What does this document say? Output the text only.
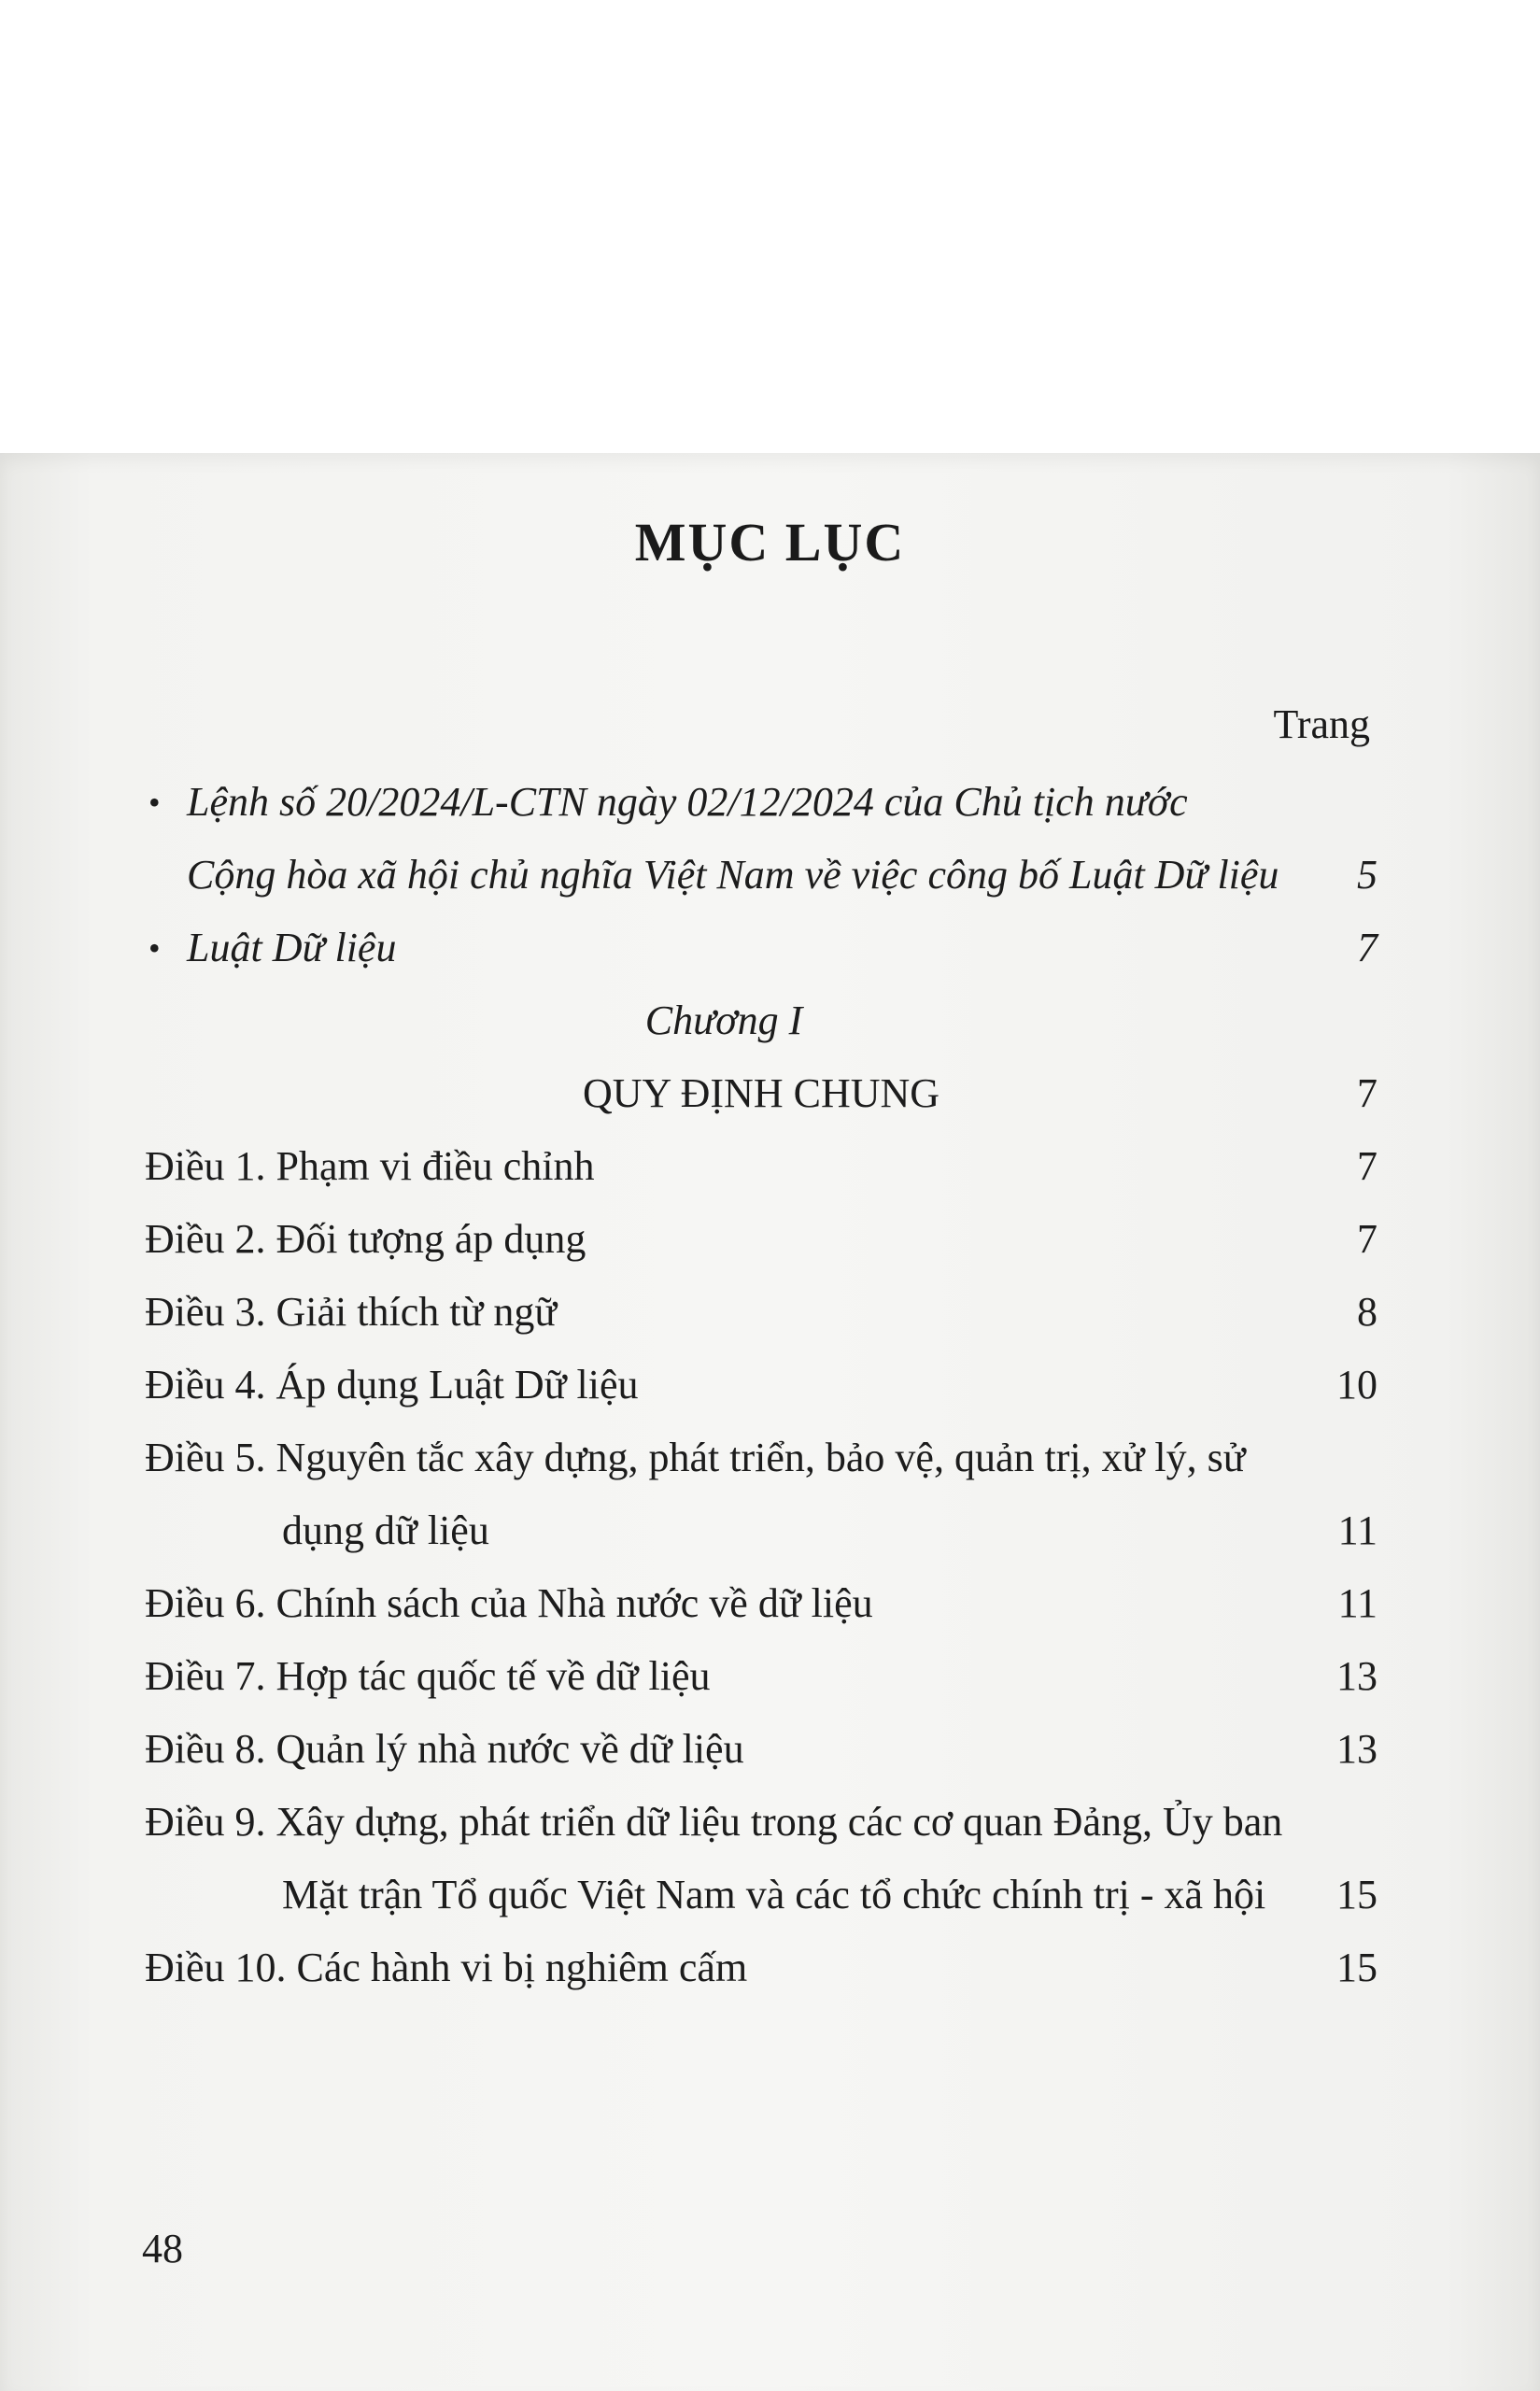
MỤC LỤC
Trang
• Lệnh số 20/2024/L-CTN ngày 02/12/2024 của Chủ tịch nước Cộng hòa xã hội chủ nghĩa Việt Nam về việc công bố Luật Dữ liệu	5
• Luật Dữ liệu	7
Chương I
QUY ĐỊNH CHUNG	7
Điều 1. Phạm vi điều chỉnh	7
Điều 2. Đối tượng áp dụng	7
Điều 3. Giải thích từ ngữ	8
Điều 4. Áp dụng Luật Dữ liệu	10
Điều 5. Nguyên tắc xây dựng, phát triển, bảo vệ, quản trị, xử lý, sử dụng dữ liệu	11
Điều 6. Chính sách của Nhà nước về dữ liệu	11
Điều 7. Hợp tác quốc tế về dữ liệu	13
Điều 8. Quản lý nhà nước về dữ liệu	13
Điều 9. Xây dựng, phát triển dữ liệu trong các cơ quan Đảng, Ủy ban Mặt trận Tổ quốc Việt Nam và các tổ chức chính trị - xã hội	15
Điều 10. Các hành vi bị nghiêm cấm	15
48
